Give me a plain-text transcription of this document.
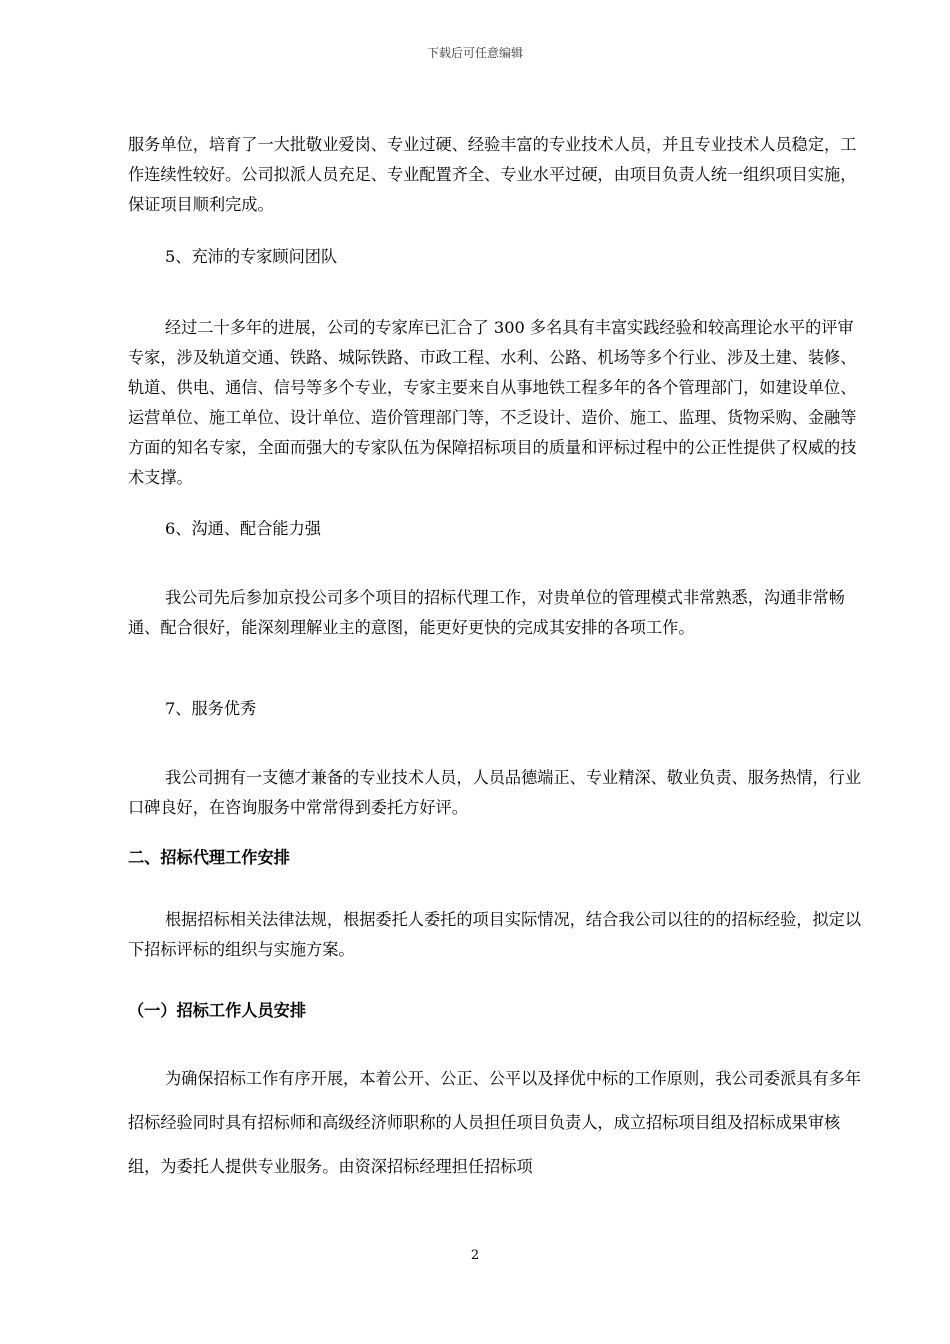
下载后可任意编辑

服务单位，培育了一大批敬业爱岗、专业过硬、经验丰富的专业技术人员，并且专业技术人员稳定，工作连续性较好。公司拟派人员充足、专业配置齐全、专业水平过硬，由项目负责人统一组织项目实施，保证项目顺利完成。

5、充沛的专家顾问团队

经过二十多年的进展，公司的专家库已汇合了 300 多名具有丰富实践经验和较高理论水平的评审专家，涉及轨道交通、铁路、城际铁路、市政工程、水利、公路、机场等多个行业、涉及土建、装修、轨道、供电、通信、信号等多个专业，专家主要来自从事地铁工程多年的各个管理部门，如建设单位、运营单位、施工单位、设计单位、造价管理部门等，不乏设计、造价、施工、监理、货物采购、金融等方面的知名专家，全面而强大的专家队伍为保障招标项目的质量和评标过程中的公正性提供了权威的技术支撑。

6、沟通、配合能力强

我公司先后参加京投公司多个项目的招标代理工作，对贵单位的管理模式非常熟悉，沟通非常畅通、配合很好，能深刻理解业主的意图，能更好更快的完成其安排的各项工作。

7、服务优秀

我公司拥有一支德才兼备的专业技术人员，人员品德端正、专业精深、敬业负责、服务热情，行业口碑良好，在咨询服务中常常得到委托方好评。

二、招标代理工作安排

根据招标相关法律法规，根据委托人委托的项目实际情况，结合我公司以往的的招标经验，拟定以下招标评标的组织与实施方案。

（一）招标工作人员安排

为确保招标工作有序开展，本着公开、公正、公平以及择优中标的工作原则，我公司委派具有多年招标经验同时具有招标师和高级经济师职称的人员担任项目负责人，成立招标项目组及招标成果审核组，为委托人提供专业服务。由资深招标经理担任招标项

2
